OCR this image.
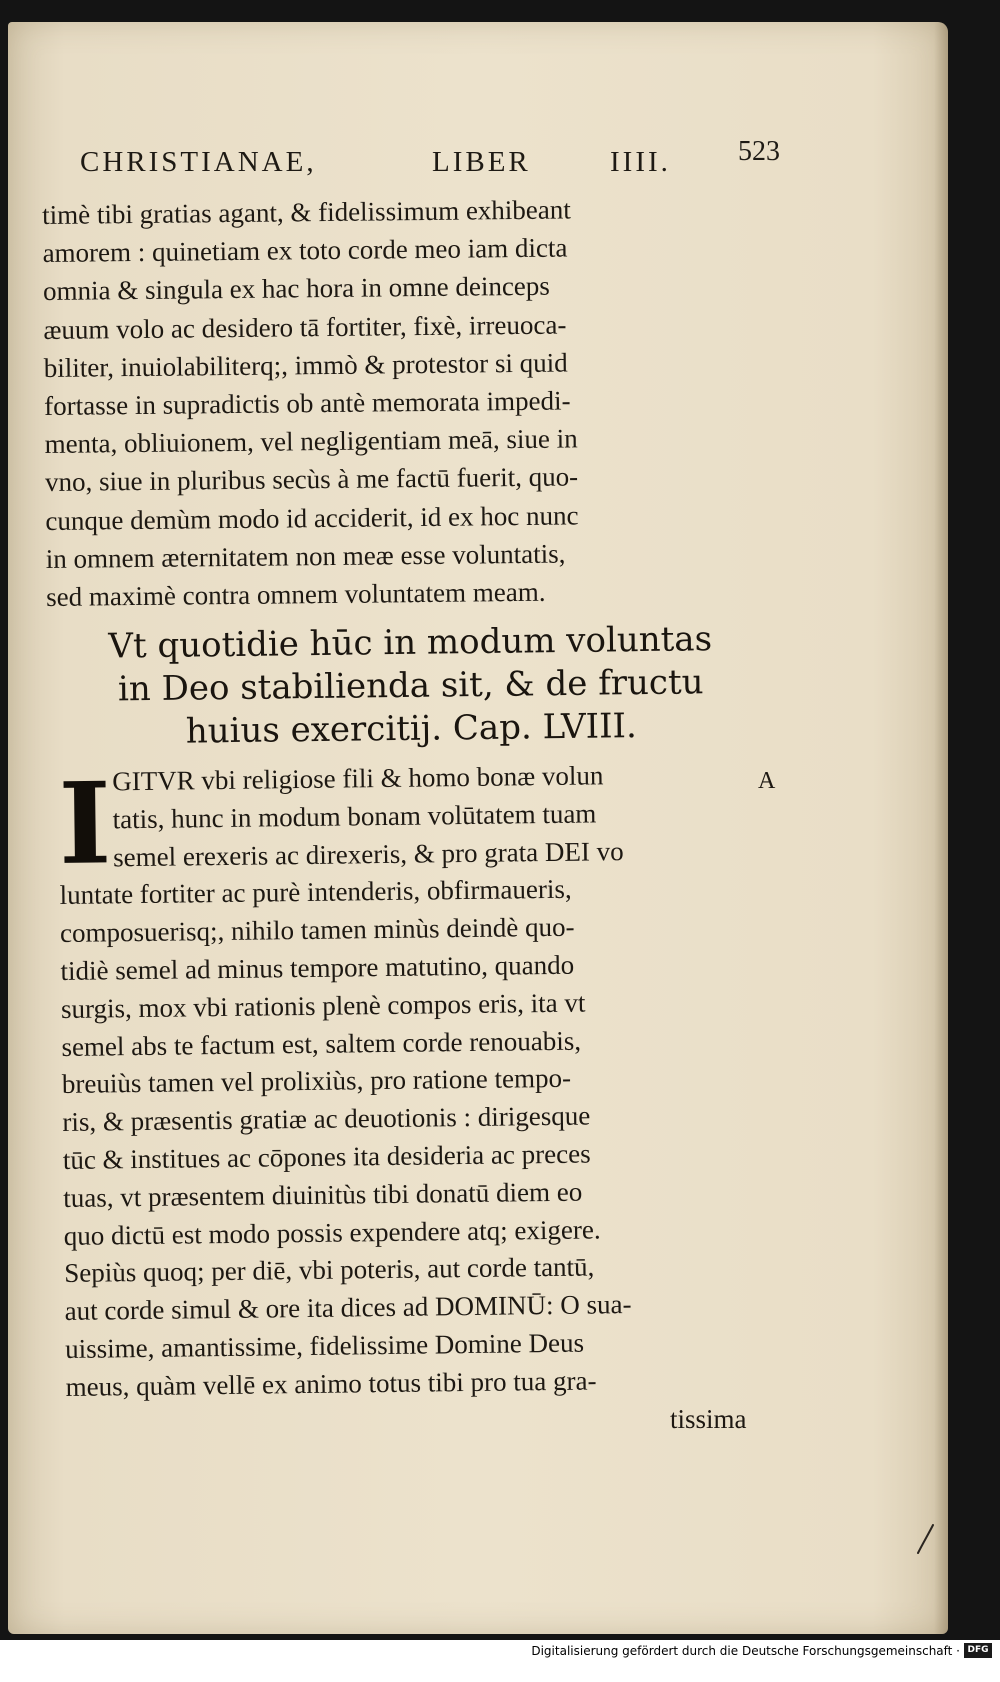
CHRISTIANAE,	LIBER	IIII. 523
timè tibi gratias agant, & fidelissimum exhibeant
amorem : quinetiam ex toto corde meo iam dicta
omnia & singula ex hac hora in omne deinceps
æuum volo ac desidero tā fortiter, fixè, irreuoca-
biliter, inuiolabiliterq;, immò & protestor si quid
fortasse in supradictis ob antè memorata impedi-
menta, obliuionem, vel negligentiam meā, siue in
vno, siue in pluribus secùs à me factū fuerit, quo-
cunque demùm modo id acciderit, id ex hoc nunc
in omnem æternitatem non meæ esse voluntatis,
sed maximè contra omnem voluntatem meam.
Vt quotidie hūc in modum voluntas
in Deo stabilienda sit, & de fructu
huius exercitij. Cap. LVIII.
I GITVR vbi religiose fili & homo bonæ volun
tatis, hunc in modum bonam volūtatem tuam
semel erexeris ac direxeris, & pro grata DEI vo
luntate fortiter ac purè intenderis, obfirmaueris,
composuerisq;, nihilo tamen minùs deindè quo-
tidiè semel ad minus tempore matutino, quando
surgis, mox vbi rationis plenè compos eris, ita vt
semel abs te factum est, saltem corde renouabis,
breuiùs tamen vel prolixiùs, pro ratione tempo-
ris, & præsentis gratiæ ac deuotionis : dirigesque
tūc & institues ac cōpones ita desideria ac preces
tuas, vt præsentem diuinitùs tibi donatū diem eo
quo dictū est modo possis expendere atq; exigere.
Sepiùs quoq; per diē, vbi poteris, aut corde tantū,
aut corde simul & ore ita dices ad DOMINŪ: O sua-
uissime, amantissime, fidelissime Domine Deus
meus, quàm vellē ex animo totus tibi pro tua gra-
A
tissima
Digitalisierung gefördert durch die Deutsche Forschungsgemeinschaft · DFG
